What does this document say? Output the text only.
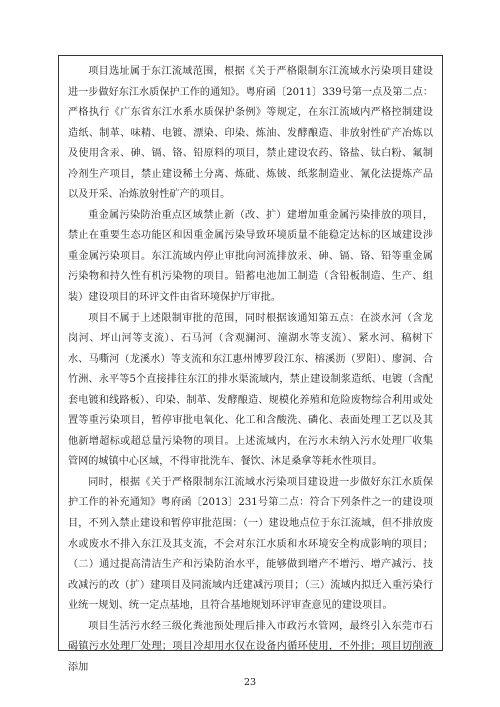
项目选址属于东江流域范围，根据《关于严格限制东江流域水污染项目建设进一步做好东江水质保护工作的通知》。粤府函〔2011〕339号第一点及第二点：严格执行《广东省东江水系水质保护条例》等规定，在东江流域内严格控制建设造纸、制革、味精、电镀、漂染、印染、炼油、发酵酿造、非放射性矿产冶炼以及使用含汞、砷、镉、铬、铅原料的项目，禁止建设农药、铬盐、钛白粉、氟制冷剂生产项目，禁止建设稀土分离、炼砒、炼铍、纸浆制造业、氰化法提炼产品以及开采、冶炼放射性矿产的项目。

重金属污染防治重点区域禁止新（改、扩）建增加重金属污染排放的项目，禁止在重要生态功能区和因重金属污染导致环境质量不能稳定达标的区域建设涉重金属污染项目。东江流域内停止审批向河流排放汞、砷、镉、铬、铅等重金属污染物和持久性有机污染物的项目。铅蓄电池加工制造（含铅板制造、生产、组装）建设项目的环评文件由省环境保护厅审批。

项目不属于上述限制审批的范围，同时根据该通知第五点：在淡水河（含龙岗河、坪山河等支流）、石马河（含观澜河、潼湖水等支流）、紧水河、稿树下水、马嘶河（龙溪水）等支流和东江惠州博罗段江东、榕溪沥（罗阳）、廖洞、合竹洲、永平等5个直接排往东江的排水渠流域内，禁止建设制浆造纸、电镀（含配套电镀和线路板）、印染、制革、发酵酿造、规模化养殖和危险废物综合利用或处置等重污染项目，暂停审批电氧化、化工和含酸洗、磷化、表面处理工艺以及其他新增超标或超总量污染物的项目。上述流域内，在污水未纳入污水处理厂收集管网的城镇中心区域，不得审批洗车、餐饮、沐足桑拿等耗水性项目。

同时，根据《关于严格限制东江流域水污染项目建设进一步做好东江水质保护工作的补充通知》粤府函〔2013〕231号第二点：符合下列条件之一的建设项目，不列入禁止建设和暂停审批范围：（一）建设地点位于东江流域，但不排放废水或废水不排入东江及其支流，不会对东江水质和水环境安全构成影响的项目；（二）通过提高清洁生产和污染防治水平，能够做到增产不增污、增产减污、技改减污的改（扩）建项目及同流域内迁建减污项目；（三）流域内拟迁入重污染行业统一规划、统一定点基地，且符合基地规划环评审查意见的建设项目。

项目生活污水经三级化粪池预处理后排入市政污水管网，最终引入东莞市石碣镇污水处理厂处理；项目冷却用水仅在设备内循环使用，不外排；项目切削液添加

23
